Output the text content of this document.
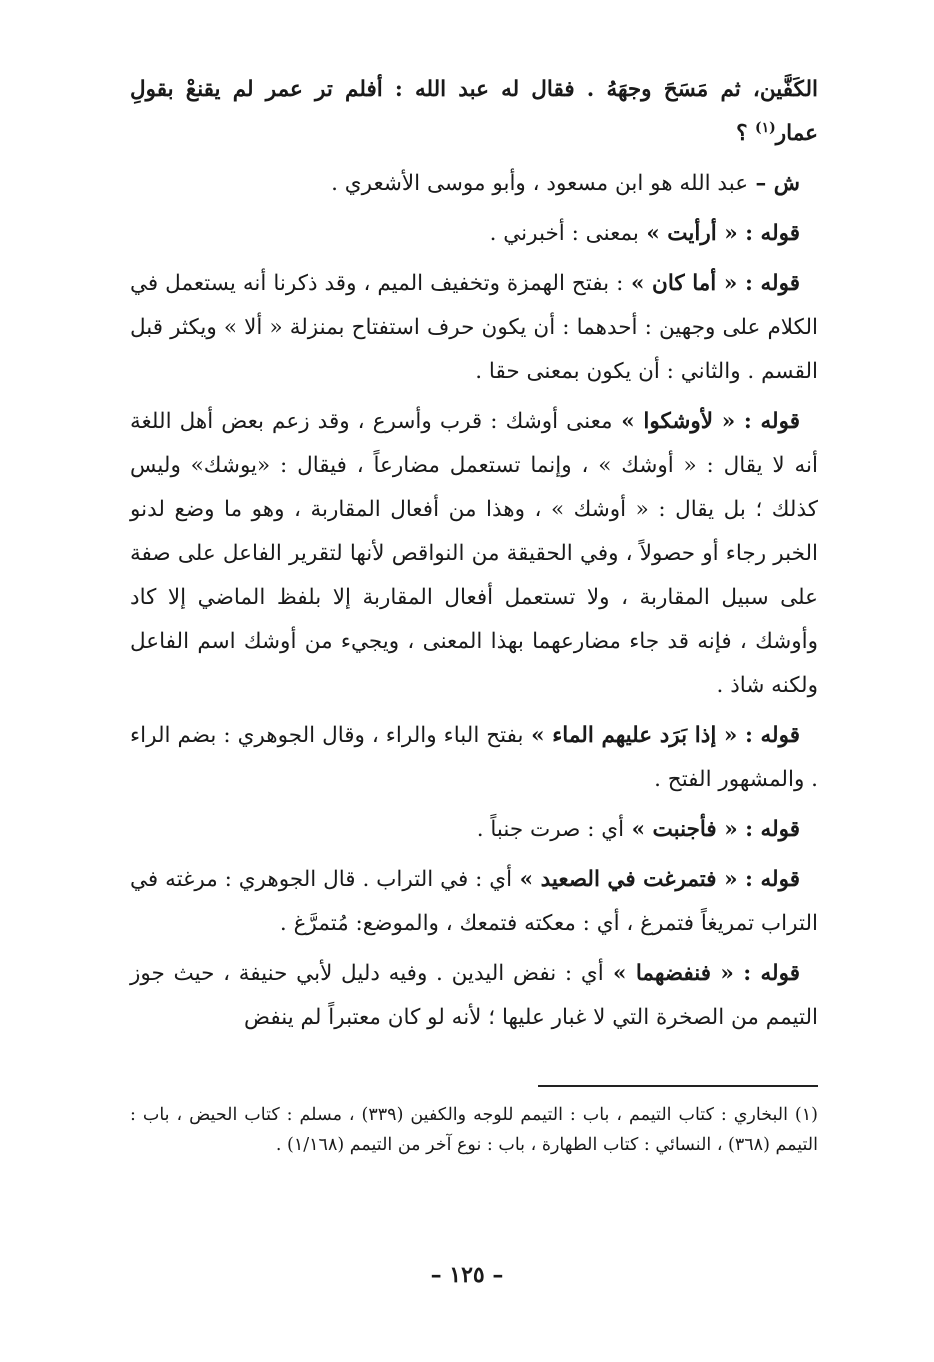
الكَفَّين، ثم مَسَحَ وجهَهُ . فقال له عبد الله : أفلم تر عمر لم يقنعْ بقولِ عمار$^{(١)}$ ؟

ش – عبد الله هو ابن مسعود ، وأبو موسى الأشعري .

قوله : « أرأيت » بمعنى : أخبرني .

قوله : « أما كان » : بفتح الهمزة وتخفيف الميم ، وقد ذكرنا أنه يستعمل في الكلام على وجهين : أحدهما : أن يكون حرف استفتاح بمنزلة « ألا » ويكثر قبل القسم . والثاني : أن يكون بمعنى حقا .

قوله : « لأوشكوا » معنى أوشك : قرب وأسرع ، وقد زعم بعض أهل اللغة أنه لا يقال : « أوشك » ، وإنما تستعمل مضارعاً ، فيقال : «يوشك» وليس كذلك ؛ بل يقال : « أوشك » ، وهذا من أفعال المقاربة ، وهو ما وضع لدنو الخبر رجاء أو حصولاً ، وفي الحقيقة من النواقص لأنها لتقرير الفاعل على صفة على سبيل المقاربة ، ولا تستعمل أفعال المقاربة إلا بلفظ الماضي إلا كاد وأوشك ، فإنه قد جاء مضارعهما بهذا المعنى ، ويجيء من أوشك اسم الفاعل ولكنه شاذ .

قوله : « إذا بَرَد عليهم الماء » بفتح الباء والراء ، وقال الجوهري : بضم الراء . والمشهور الفتح .

قوله : « فأجنبت » أي : صرت جنباً .

قوله : « فتمرغت في الصعيد » أي : في التراب . قال الجوهري : مرغته في التراب تمريغاً فتمرغ ، أي : معكته فتمعك ، والموضع: مُتمرَّغ .

قوله : « فنفضهما » أي : نفض اليدين . وفيه دليل لأبي حنيفة ، حيث جوز التيمم من الصخرة التي لا غبار عليها ؛ لأنه لو كان معتبراً لم ينفض

(١) البخاري : كتاب التيمم ، باب : التيمم للوجه والكفين (٣٣٩) ، مسلم : كتاب الحيض ، باب : التيمم (٣٦٨) ، النسائي : كتاب الطهارة ، باب : نوع آخر من التيمم (١/١٦٨) .

– ١٢٥ –
